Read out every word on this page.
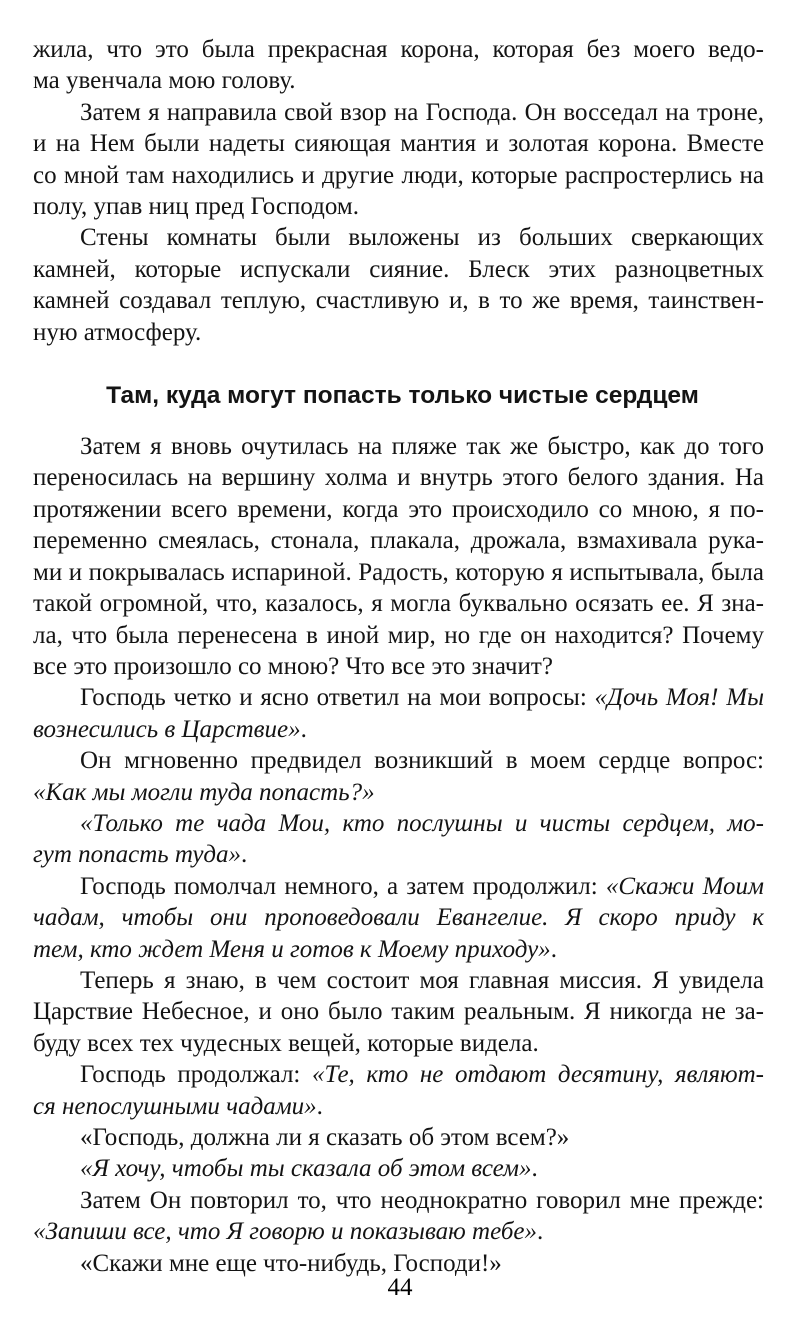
жила, что это была прекрасная корона, которая без моего ведо-
ма увенчала мою голову.
Затем я направила свой взор на Господа. Он восседал на троне,
и на Нем были надеты сияющая мантия и золотая корона. Вместе
со мной там находились и другие люди, которые распростерлись на
полу, упав ниц пред Господом.
Стены комнаты были выложены из больших сверкающих
камней, которые испускали сияние. Блеск этих разноцветных
камней создавал теплую, счастливую и, в то же время, таинствен-
ную атмосферу.
Там, куда могут попасть только чистые сердцем
Затем я вновь очутилась на пляже так же быстро, как до того
переносилась на вершину холма и внутрь этого белого здания. На
протяжении всего времени, когда это происходило со мною, я по-
переменно смеялась, стонала, плакала, дрожала, взмахивала рука-
ми и покрывалась испариной. Радость, которую я испытывала, была
такой огромной, что, казалось, я могла буквально осязать ее. Я зна-
ла, что была перенесена в иной мир, но где он находится? Почему
все это произошло со мною? Что все это значит?
Господь четко и ясно ответил на мои вопросы: «Дочь Моя! Мы
вознесились в Царствие».
Он мгновенно предвидел возникший в моем сердце вопрос:
«Как мы могли туда попасть?»
«Только те чада Мои, кто послушны и чисты сердцем, мо-
гут попасть туда».
Господь помолчал немного, а затем продолжил: «Скажи Моим
чадам, чтобы они проповедовали Евангелие. Я скоро приду к
тем, кто ждет Меня и готов к Моему приходу».
Теперь я знаю, в чем состоит моя главная миссия. Я увидела
Царствие Небесное, и оно было таким реальным. Я никогда не за-
буду всех тех чудесных вещей, которые видела.
Господь продолжал: «Те, кто не отдают десятину, являют-
ся непослушными чадами».
«Господь, должна ли я сказать об этом всем?»
«Я хочу, чтобы ты сказала об этом всем».
Затем Он повторил то, что неоднократно говорил мне прежде:
«Запиши все, что Я говорю и показываю тебе».
«Скажи мне еще что-нибудь, Господи!»
44
